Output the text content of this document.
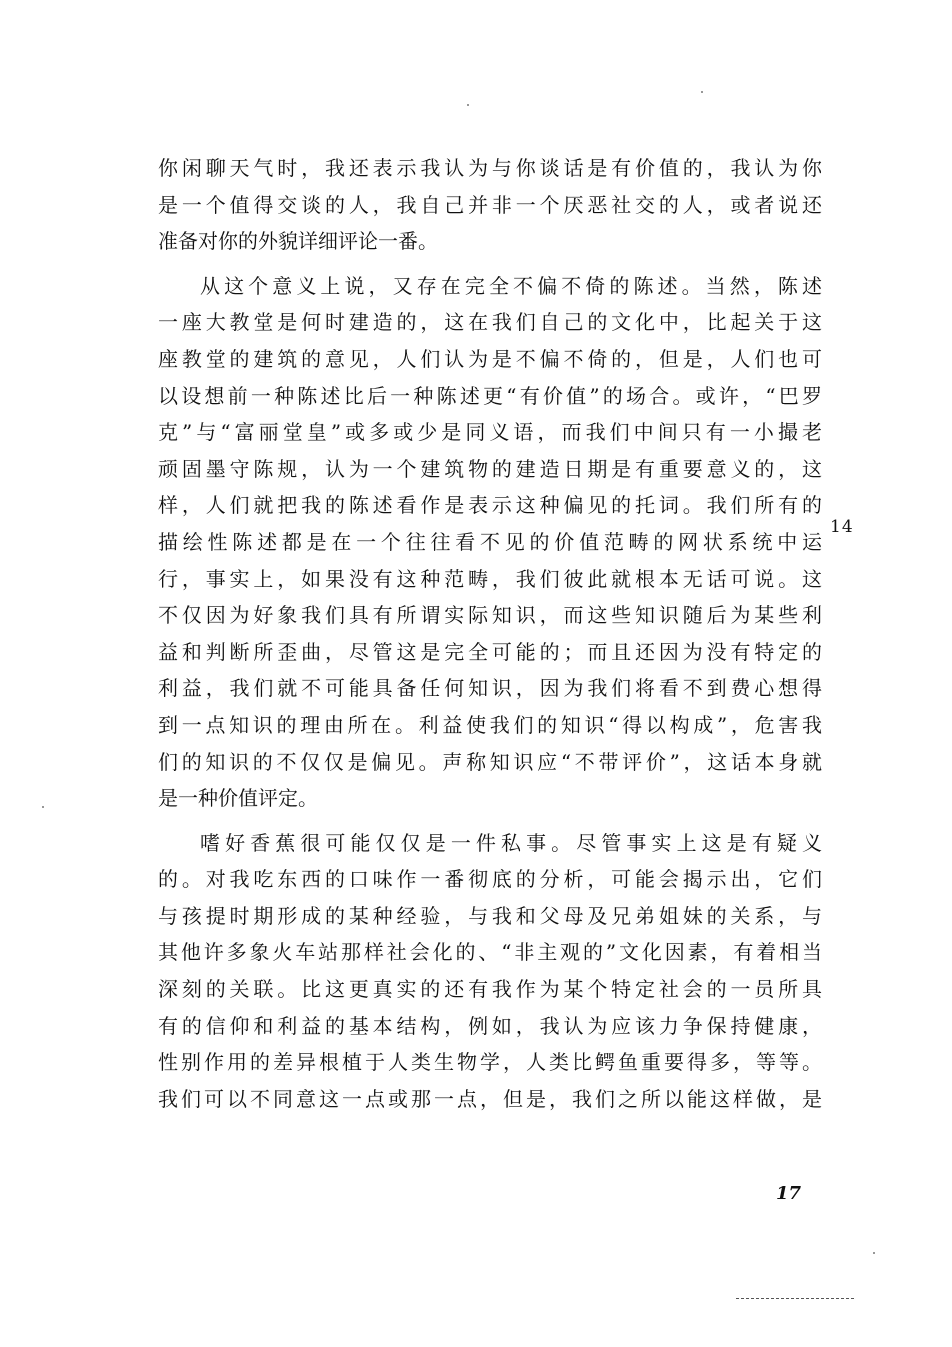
你闲聊天气时，我还表示我认为与你谈话是有价值的，我认为你
是一个值得交谈的人，我自己并非一个厌恶社交的人，或者说还
准备对你的外貌详细评论一番。
从这个意义上说，又存在完全不偏不倚的陈述。当然，陈述
一座大教堂是何时建造的，这在我们自己的文化中，比起关于这
座教堂的建筑的意见，人们认为是不偏不倚的，但是，人们也可
以设想前一种陈述比后一种陈述更“有价值”的场合。或许，“巴罗
克”与“富丽堂皇”或多或少是同义语，而我们中间只有一小撮老
顽固墨守陈规，认为一个建筑物的建造日期是有重要意义的，这
样，人们就把我的陈述看作是表示这种偏见的托词。我们所有的
描绘性陈述都是在一个往往看不见的价值范畴的网状系统中运
行，事实上，如果没有这种范畴，我们彼此就根本无话可说。这
不仅因为好象我们具有所谓实际知识，而这些知识随后为某些利
益和判断所歪曲，尽管这是完全可能的；而且还因为没有特定的
利益，我们就不可能具备任何知识，因为我们将看不到费心想得
到一点知识的理由所在。利益使我们的知识“得以构成”，危害我
们的知识的不仅仅是偏见。声称知识应“不带评价”，这话本身就
是一种价值评定。
嗜好香蕉很可能仅仅是一件私事。尽管事实上这是有疑义
的。对我吃东西的口味作一番彻底的分析，可能会揭示出，它们
与孩提时期形成的某种经验，与我和父母及兄弟姐妹的关系，与
其他许多象火车站那样社会化的、“非主观的”文化因素，有着相当
深刻的关联。比这更真实的还有我作为某个特定社会的一员所具
有的信仰和利益的基本结构，例如，我认为应该力争保持健康，
性别作用的差异根植于人类生物学，人类比鳄鱼重要得多，等等。
我们可以不同意这一点或那一点，但是，我们之所以能这样做，是
14
17
